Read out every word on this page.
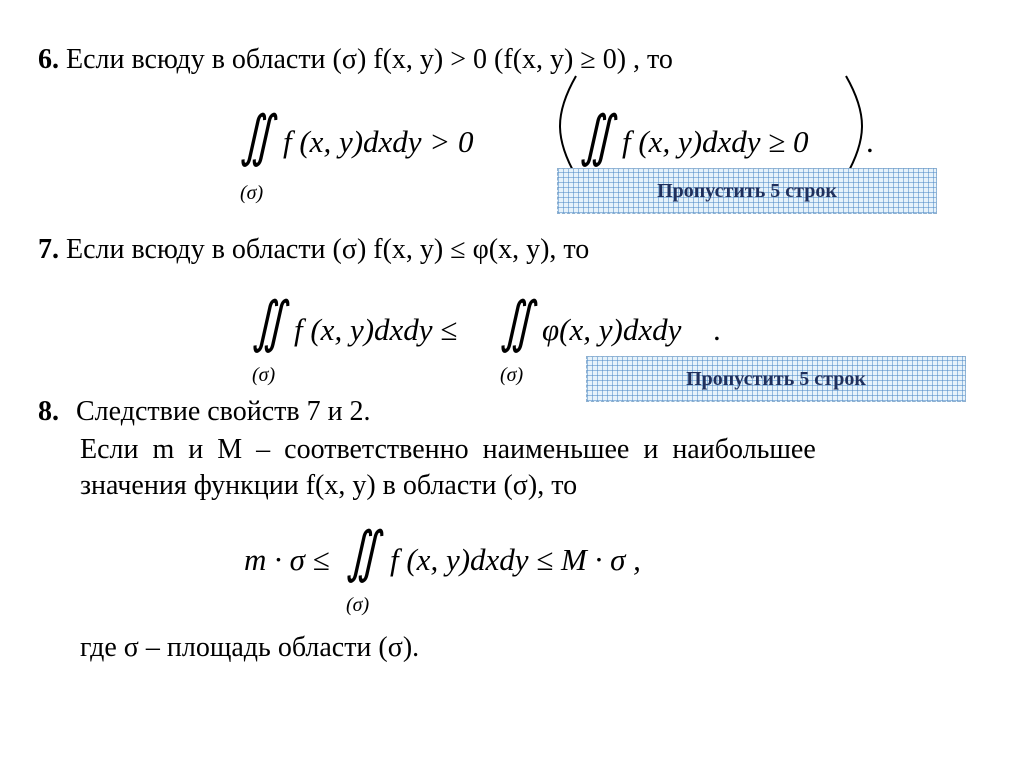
6. Если всюду в области (σ) f(x, y) > 0 (f(x, y) ≥ 0) , то
∬ f (x, y)dxdy > 0
(σ)
∬ f (x, y)dxdy ≥ 0 .
Пропустить 5 строк
7. Если всюду в области (σ) f(x, y) ≤ φ(x, y), то
∬ f (x, y)dxdy ≤ ∬ φ(x, y)dxdy .
(σ)	(σ)	Пропустить 5 строк
8. Следствие свойств 7 и 2.
Если  m  и  M  –  соответственно  наименьшее  и  наибольшее
значения функции f(x, y) в области (σ), то
m · σ ≤ ∬ f (x, y)dxdy ≤ M · σ ,
(σ)
где σ – площадь области (σ).
